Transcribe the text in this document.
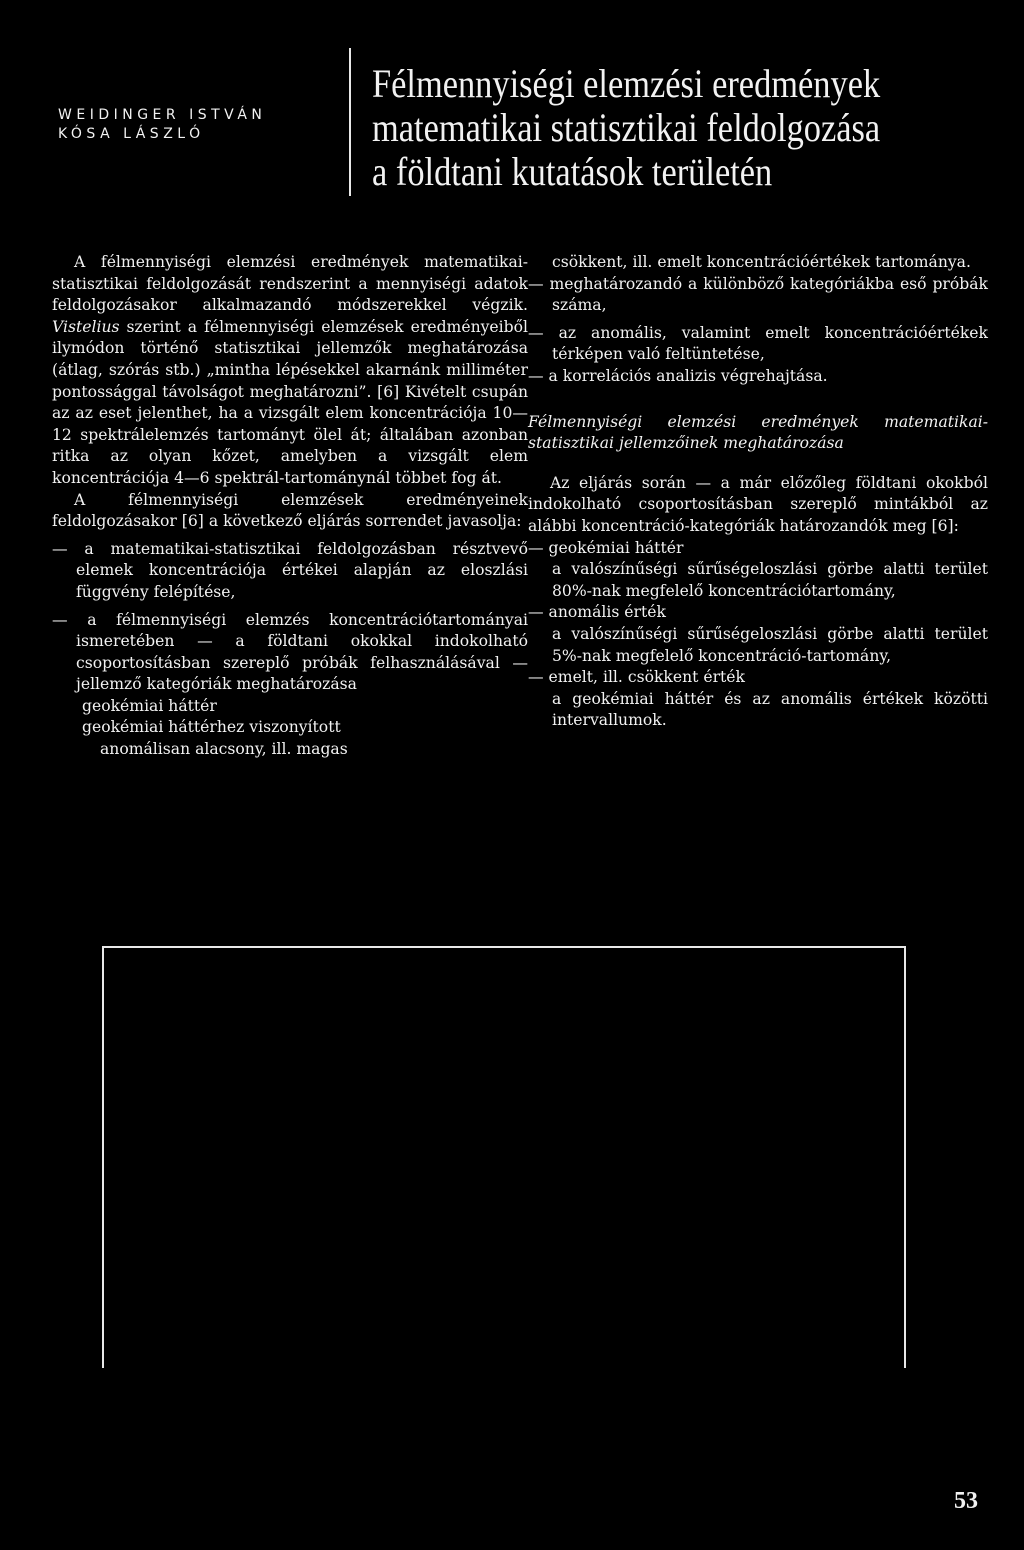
WEIDINGER ISTVÁN
KÓSA LÁSZLÓ
Félmennyiségi elemzési eredmények
matematikai statisztikai feldolgozása
a földtani kutatások területén

A félmennyiségi elemzési eredmények matematikai-statisztikai feldolgozását rendszerint a mennyiségi adatok feldolgozásakor alkalmazandó módszerekkel végzik. Vistelius szerint a félmennyiségi elemzések eredményeiből ilymódon történő statisztikai jellemzők meghatározása (átlag, szórás stb.) „mintha lépésekkel akarnánk milliméter pontossággal távolságot meghatározni”. [6] Kivételt csupán az az eset jelenthet, ha a vizsgált elem koncentrációja 10—12 spektrálelemzés tartományt ölel át; általában azonban ritka az olyan kőzet, amelyben a vizsgált elem koncentrációja 4—6 spektrál-tartománynál többet fog át.

A félmennyiségi elemzések eredményeinek feldolgozásakor [6] a következő eljárás sorrendet javasolja:

— a matematikai-statisztikai feldolgozásban résztvevő elemek koncentrációja értékei alapján az eloszlási függvény felépítése,

— a félmennyiségi elemzés koncentrációtartományai ismeretében — a földtani okokkal indokolható csoportosításban szereplő próbák felhasználásával — jellemző kategóriák meghatározása

geokémiai háttér

geokémiai háttérhez viszonyított

anomálisan alacsony, ill. magas

csökkent, ill. emelt koncentrációértékek tartománya.

— meghatározandó a különböző kategóriákba eső próbák száma,

— az anomális, valamint emelt koncentrációértékek térképen való feltüntetése,

— a korrelációs analizis végrehajtása.

Félmennyiségi elemzési eredmények matematikai-statisztikai jellemzőinek meghatározása

Az eljárás során — a már előzőleg földtani okokból indokolható csoportosításban szereplő mintákból az alábbi koncentráció-kategóriák határozandók meg [6]:

— geokémiai háttér

a valószínűségi sűrűségeloszlási görbe alatti terület 80%-nak megfelelő koncentrációtartomány,

— anomális érték

a valószínűségi sűrűségeloszlási görbe alatti terület 5%-nak megfelelő koncentráció-tartomány,

— emelt, ill. csökkent érték

a geokémiai háttér és az anomális értékek közötti intervallumok.

53
